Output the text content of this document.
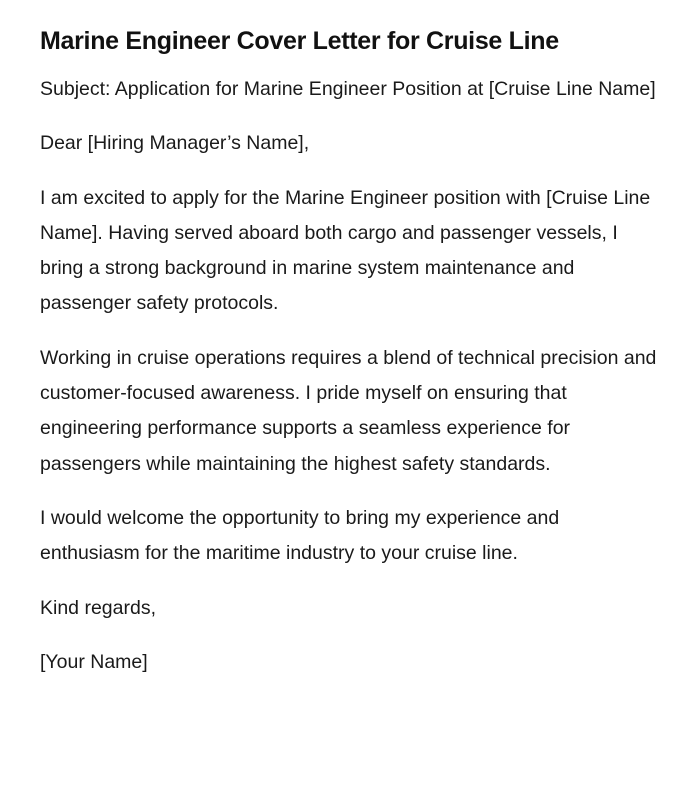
Marine Engineer Cover Letter for Cruise Line

Subject: Application for Marine Engineer Position at [Cruise Line Name]

Dear [Hiring Manager’s Name],

I am excited to apply for the Marine Engineer position with [Cruise Line Name]. Having served aboard both cargo and passenger vessels, I bring a strong background in marine system maintenance and passenger safety protocols.

Working in cruise operations requires a blend of technical precision and customer-focused awareness. I pride myself on ensuring that engineering performance supports a seamless experience for passengers while maintaining the highest safety standards.

I would welcome the opportunity to bring my experience and enthusiasm for the maritime industry to your cruise line.

Kind regards,

[Your Name]
